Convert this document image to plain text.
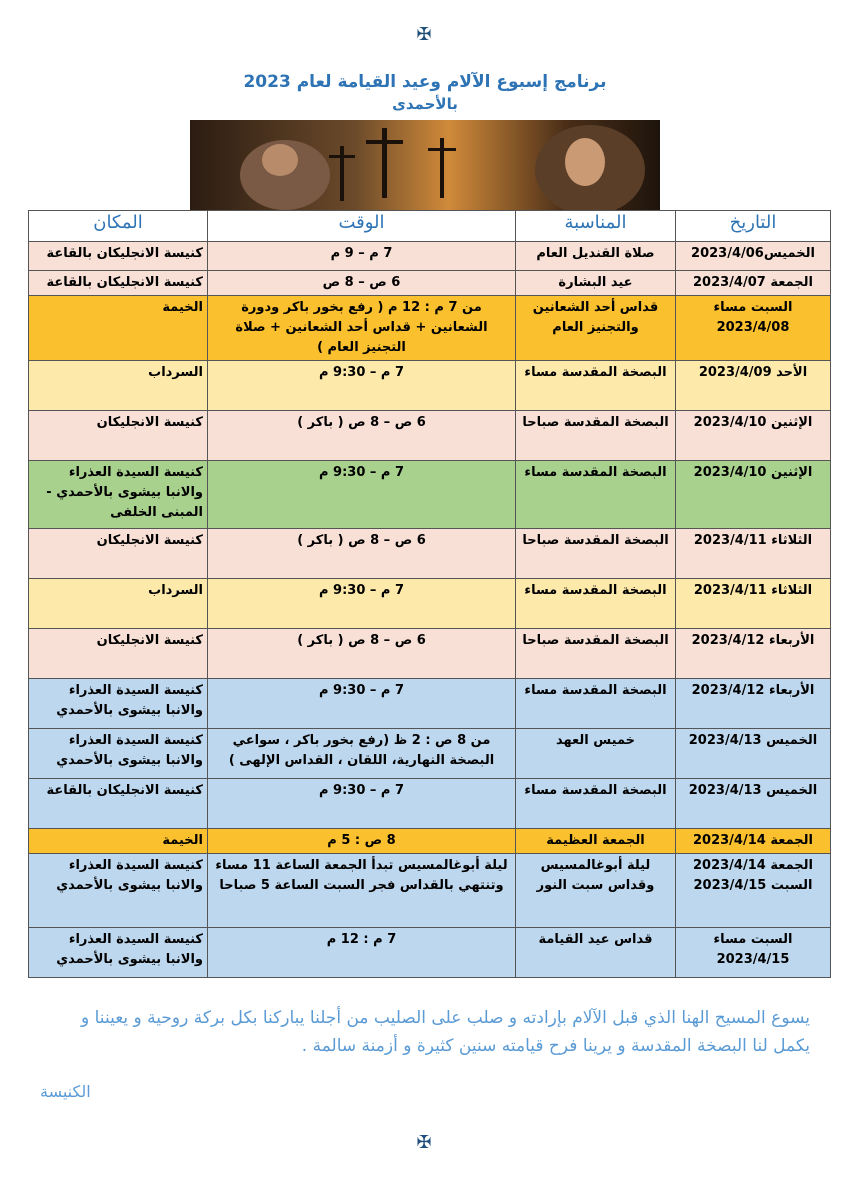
✠
برنامج إسبوع الآلام وعيد القيامة لعام 2023
بالأحمدى
التاريخ	المناسبة	الوقت	المكان
الخميس2023/4/06	صلاة القنديل العام	7 م – 9 م	كنيسة الانجليكان بالقاعة
الجمعة 2023/4/07	عيد البشارة	6 ص – 8 ص	كنيسة الانجليكان بالقاعة
السبت مساء 2023/4/08	قداس أحد الشعانين والتجنيز العام	من 7 م : 12 م ( رفع بخور باكر ودورة الشعانين + قداس أحد الشعانين + صلاة التجنيز العام )	الخيمة
الأحد 2023/4/09	البصخة المقدسة مساء	7 م – 9:30 م	السرداب
الإثنين 2023/4/10	البصخة المقدسة صباحا	6 ص – 8 ص ( باكر )	كنيسة الانجليكان
الإثنين 2023/4/10	البصخة المقدسة مساء	7 م – 9:30 م	كنيسة السيدة العذراء والانبا بيشوى بالأحمدي - المبنى الخلفى
الثلاثاء 2023/4/11	البصخة المقدسة صباحا	6 ص – 8 ص ( باكر )	كنيسة الانجليكان
الثلاثاء 2023/4/11	البصخة المقدسة مساء	7 م – 9:30 م	السرداب
الأربعاء 2023/4/12	البصخة المقدسة صباحا	6 ص – 8 ص ( باكر )	كنيسة الانجليكان
الأربعاء 2023/4/12	البصخة المقدسة مساء	7 م – 9:30 م	كنيسة السيدة العذراء والانبا بيشوى بالأحمدي
الخميس 2023/4/13	خميس العهد	من 8 ص : 2 ظ (رفع بخور باكر ، سواعي البصخة النهارية، اللقان ، القداس الإلهى )	كنيسة السيدة العذراء والانبا بيشوى بالأحمدي
الخميس 2023/4/13	البصخة المقدسة مساء	7 م – 9:30 م	كنيسة الانجليكان بالقاعة
الجمعة 2023/4/14	الجمعة العظيمة	8 ص : 5 م	الخيمة
الجمعة 2023/4/14 السبت 2023/4/15	ليلة أبوغالمسيس وقداس سبت النور	ليلة أبوغالمسيس تبدأ الجمعة الساعة 11 مساء وتنتهي بالقداس فجر السبت الساعة 5 صباحا	كنيسة السيدة العذراء والانبا بيشوى بالأحمدي
السبت مساء 2023/4/15	قداس عيد القيامة	7 م : 12 م	كنيسة السيدة العذراء والانبا بيشوى بالأحمدي
يسوع المسيح الهنا الذي قبل الآلام بإرادته و صلب على الصليب من أجلنا يباركنا بكل بركة روحية و يعيننا و يكمل لنا البصخة المقدسة و يرينا فرح قيامته سنين كثيرة و أزمنة سالمة .
الكنيسة
✠
